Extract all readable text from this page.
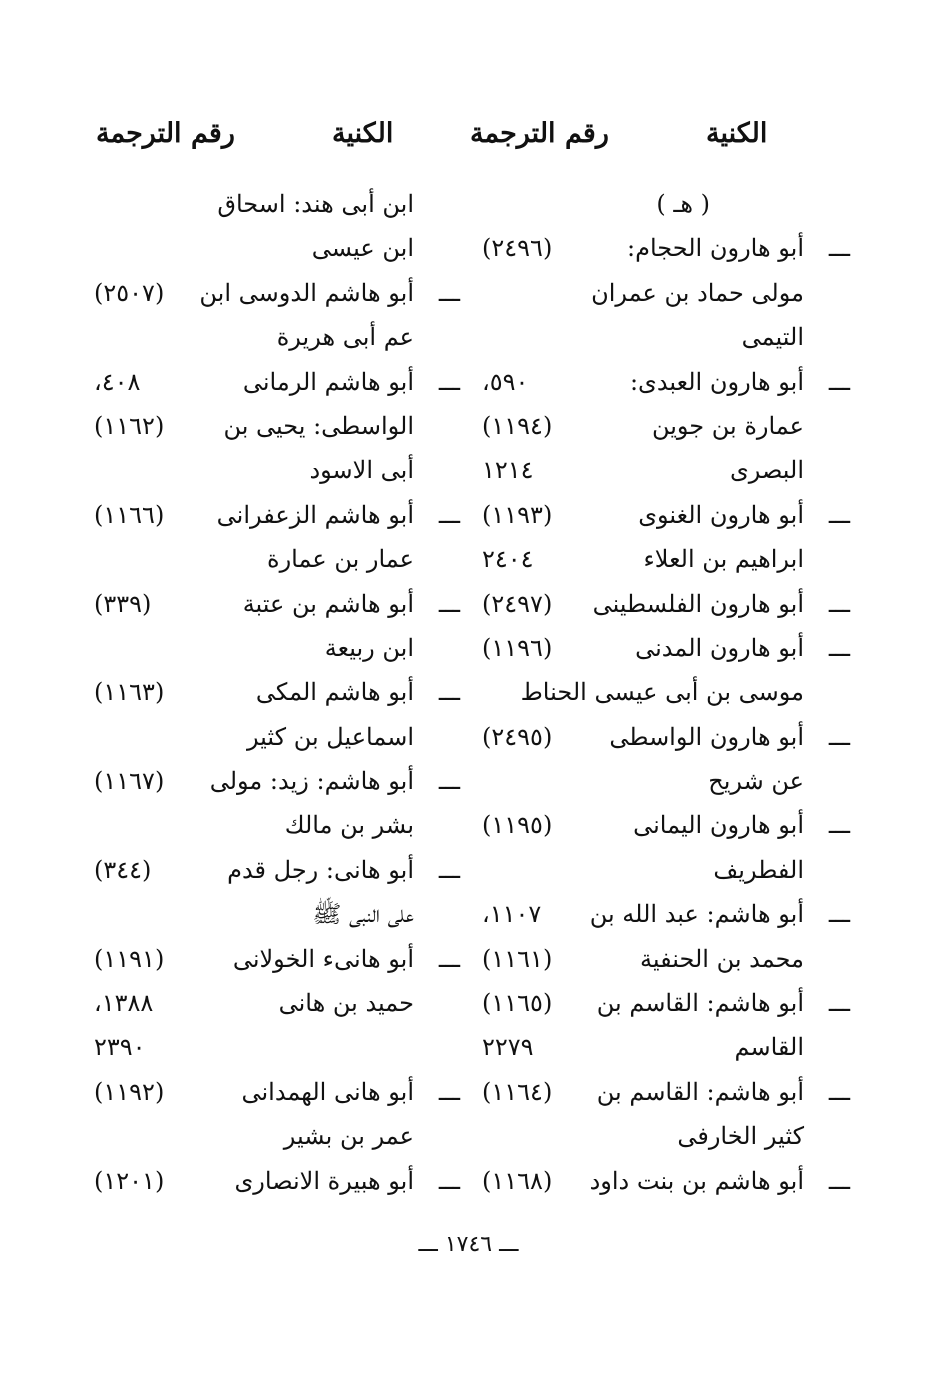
الكنية
رقم الترجمة
الكنية
رقم الترجمة
( هـ )
ـــ
أبو هارون الحجام:
(٢٤٩٦)
مولى حماد بن عمران
التيمى
ـــ
أبو هارون العبدى:
٥٩٠،
عمارة بن جوين
(١١٩٤)
البصرى
١٢١٤
ـــ
أبو هارون الغنوى
(١١٩٣)
ابراهيم بن العلاء
٢٤٠٤
ـــ
أبو هارون الفلسطينى
(٢٤٩٧)
ـــ
أبو هارون المدنى
(١١٩٦)
موسى بن أبى عيسى الحناط
ـــ
أبو هارون الواسطى
(٢٤٩٥)
عن شريح
ـــ
أبو هارون اليمانى
(١١٩٥)
الفطريف
ـــ
أبو هاشم: عبد الله بن
١١٠٧،
محمد بن الحنفية
(١١٦١)
ـــ
أبو هاشم: القاسم بن
(١١٦٥)
القاسم
٢٢٧٩
ـــ
أبو هاشم: القاسم بن
(١١٦٤)
كثير الخارفى
ـــ
أبو هاشم بن بنت داود
(١١٦٨)
ابن أبى هند: اسحاق
ابن عيسى
ـــ
أبو هاشم الدوسى ابن
(٢٥٠٧)
عم أبى هريرة
ـــ
أبو هاشم الرمانى
٤٠٨،
الواسطى: يحيى بن
(١١٦٢)
أبى الاسود
ـــ
أبو هاشم الزعفرانى
(١١٦٦)
عمار بن عمارة
ـــ
أبو هاشم بن عتبة
(٣٣٩)
ابن ربيعة
ـــ
أبو هاشم المكى
(١١٦٣)
اسماعيل بن كثير
ـــ
أبو هاشم: زيد: مولى
(١١٦٧)
بشر بن مالك
ـــ
أبو هانى: رجل قدم
(٣٤٤)
على النبى ﷺ
ـــ
أبو هانىء الخولانى
(١١٩١)
حميد بن هانى
١٣٨٨،
٢٣٩٠
ـــ
أبو هانى الهمدانى
(١١٩٢)
عمر بن بشير
ـــ
أبو هبيرة الانصارى
(١٢٠١)
ـــ ١٧٤٦ ـــ
